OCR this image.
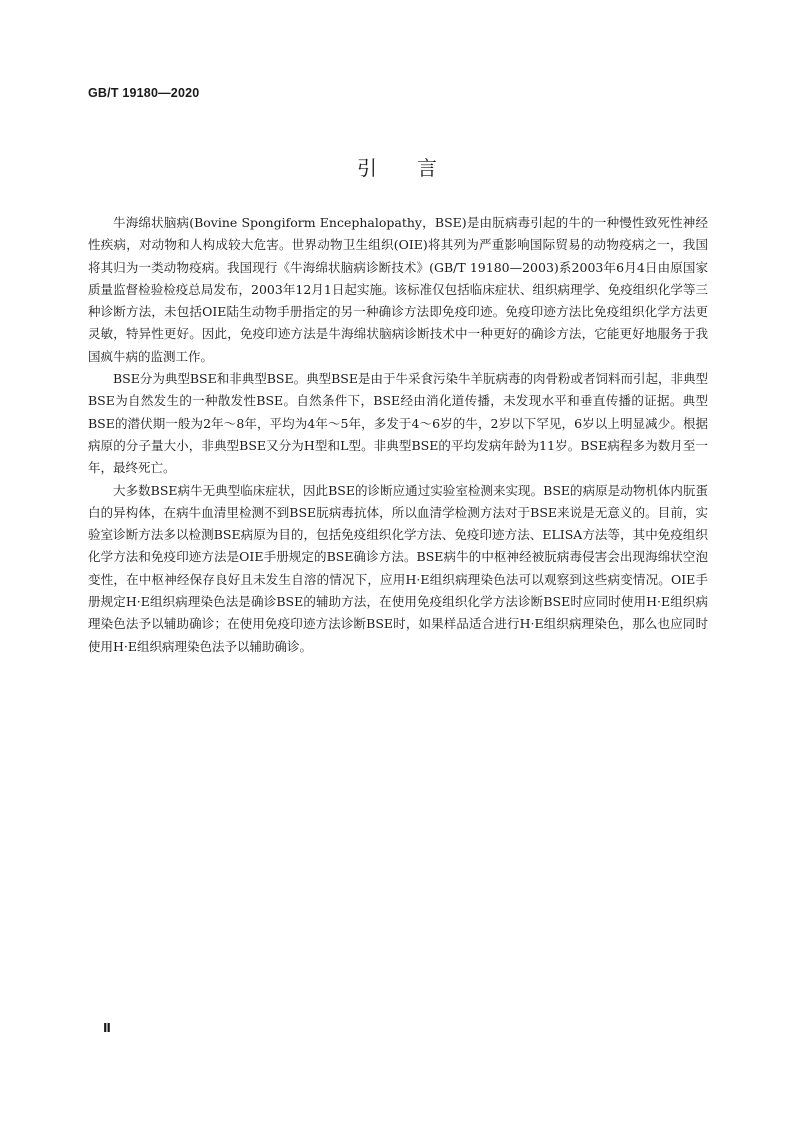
GB/T 19180—2020
引言

牛海绵状脑病(Bovine Spongiform Encephalopathy，BSE)是由朊病毒引起的牛的一种慢性致死性神经性疾病，对动物和人构成较大危害。世界动物卫生组织(OIE)将其列为严重影响国际贸易的动物疫病之一，我国将其归为一类动物疫病。我国现行《牛海绵状脑病诊断技术》(GB/T 19180—2003)系2003年6月4日由原国家质量监督检验检疫总局发布，2003年12月1日起实施。该标准仅包括临床症状、组织病理学、免疫组织化学等三种诊断方法，未包括OIE陆生动物手册指定的另一种确诊方法即免疫印迹。免疫印迹方法比免疫组织化学方法更灵敏，特异性更好。因此，免疫印迹方法是牛海绵状脑病诊断技术中一种更好的确诊方法，它能更好地服务于我国疯牛病的监测工作。

BSE分为典型BSE和非典型BSE。典型BSE是由于牛采食污染牛羊朊病毒的肉骨粉或者饲料而引起，非典型BSE为自然发生的一种散发性BSE。自然条件下，BSE经由消化道传播，未发现水平和垂直传播的证据。典型BSE的潜伏期一般为2年～8年，平均为4年～5年，多发于4～6岁的牛，2岁以下罕见，6岁以上明显减少。根据病原的分子量大小，非典型BSE又分为H型和L型。非典型BSE的平均发病年龄为11岁。BSE病程多为数月至一年，最终死亡。

大多数BSE病牛无典型临床症状，因此BSE的诊断应通过实验室检测来实现。BSE的病原是动物机体内朊蛋白的异构体，在病牛血清里检测不到BSE朊病毒抗体，所以血清学检测方法对于BSE来说是无意义的。目前，实验室诊断方法多以检测BSE病原为目的，包括免疫组织化学方法、免疫印迹方法、ELISA方法等，其中免疫组织化学方法和免疫印迹方法是OIE手册规定的BSE确诊方法。BSE病牛的中枢神经被朊病毒侵害会出现海绵状空泡变性，在中枢神经保存良好且未发生自溶的情况下，应用H·E组织病理染色法可以观察到这些病变情况。OIE手册规定H·E组织病理染色法是确诊BSE的辅助方法，在使用免疫组织化学方法诊断BSE时应同时使用H·E组织病理染色法予以辅助确诊；在使用免疫印迹方法诊断BSE时，如果样品适合进行H·E组织病理染色，那么也应同时使用H·E组织病理染色法予以辅助确诊。

Ⅱ
